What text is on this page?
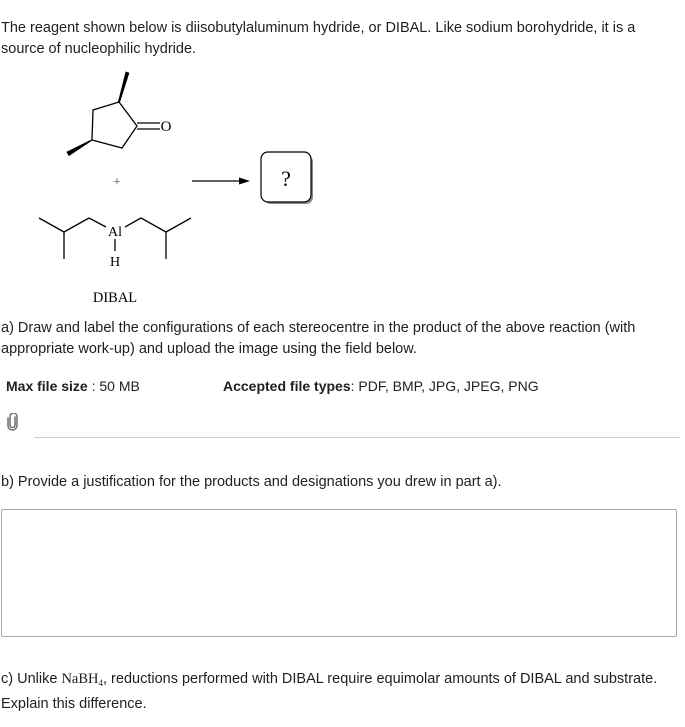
The reagent shown below is diisobutylaluminum hydride, or DIBAL. Like sodium borohydride, it is a source of nucleophilic hydride.
O
+	?
Al
H
DIBAL
a) Draw and label the configurations of each stereocentre in the product of the above reaction (with appropriate work-up) and upload the image using the field below.
Max file size : 50 MB	Accepted file types: PDF, BMP, JPG, JPEG, PNG
b) Provide a justification for the products and designations you drew in part a).
c) Unlike NaBH$_4$, reductions performed with DIBAL require equimolar amounts of DIBAL and substrate. Explain this difference.
